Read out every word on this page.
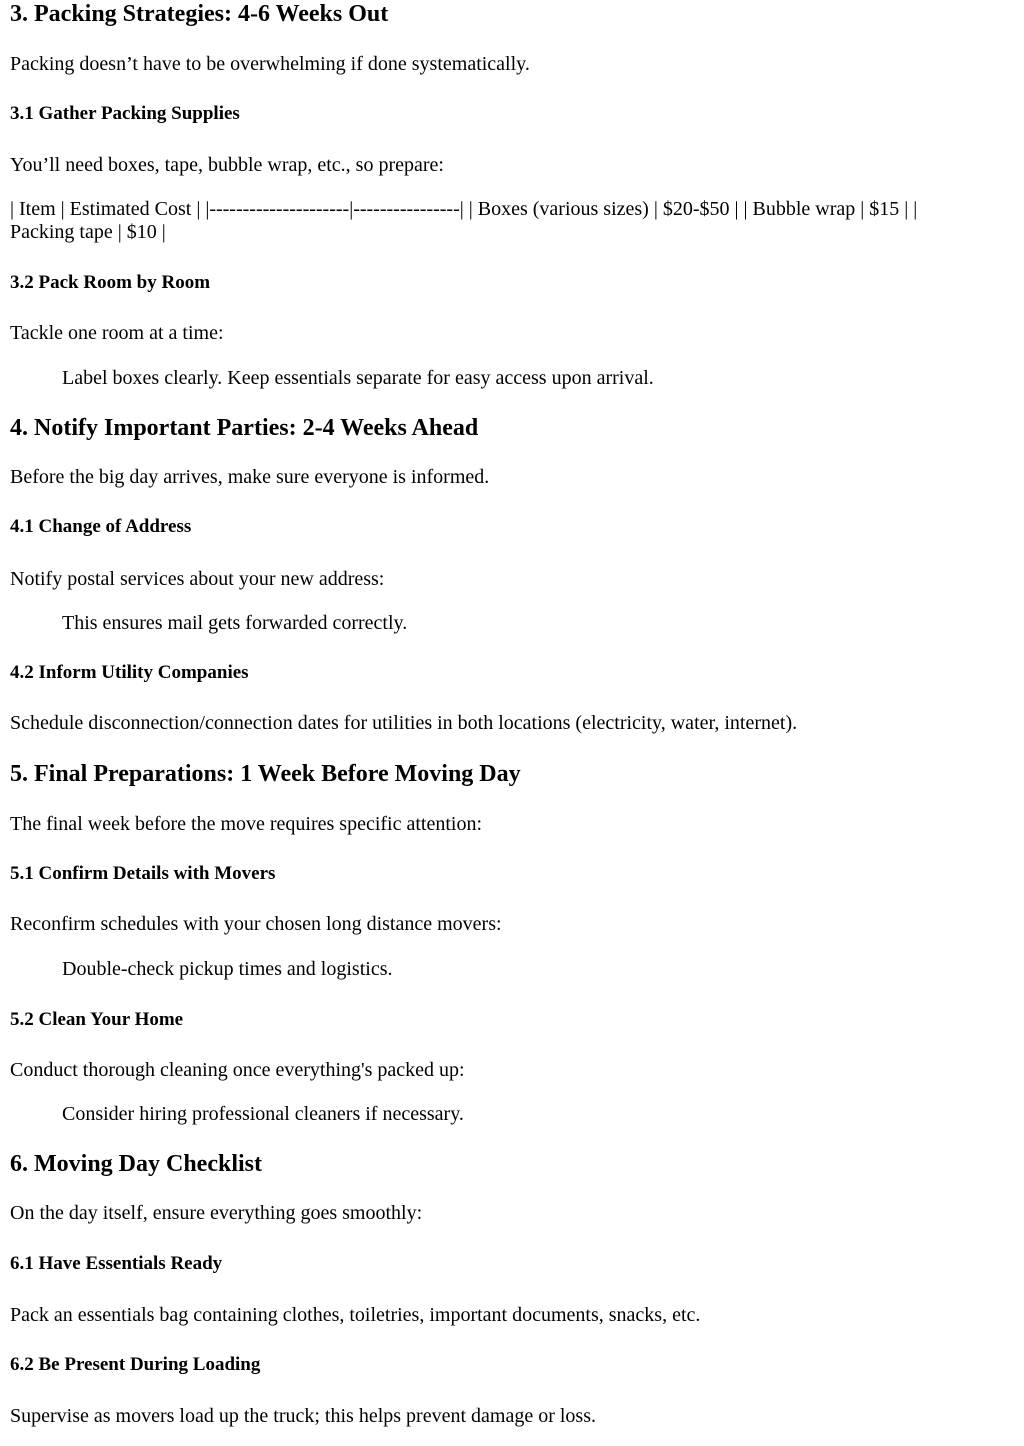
3. Packing Strategies: 4-6 Weeks Out

Packing doesn’t have to be overwhelming if done systematically.

3.1 Gather Packing Supplies

You’ll need boxes, tape, bubble wrap, etc., so prepare:

| Item | Estimated Cost | |---------------------|----------------| | Boxes (various sizes) | $20-$50 | | Bubble wrap | $15 | |

Packing tape | $10 |

3.2 Pack Room by Room

Tackle one room at a time:

Label boxes clearly. Keep essentials separate for easy access upon arrival.

4. Notify Important Parties: 2-4 Weeks Ahead

Before the big day arrives, make sure everyone is informed.

4.1 Change of Address

Notify postal services about your new address:

This ensures mail gets forwarded correctly.

4.2 Inform Utility Companies

Schedule disconnection/connection dates for utilities in both locations (electricity, water, internet).

5. Final Preparations: 1 Week Before Moving Day

The final week before the move requires specific attention:

5.1 Confirm Details with Movers

Reconfirm schedules with your chosen long distance movers:

Double-check pickup times and logistics.

5.2 Clean Your Home

Conduct thorough cleaning once everything's packed up:

Consider hiring professional cleaners if necessary.

6. Moving Day Checklist

On the day itself, ensure everything goes smoothly:

6.1 Have Essentials Ready

Pack an essentials bag containing clothes, toiletries, important documents, snacks, etc.

6.2 Be Present During Loading

Supervise as movers load up the truck; this helps prevent damage or loss.
